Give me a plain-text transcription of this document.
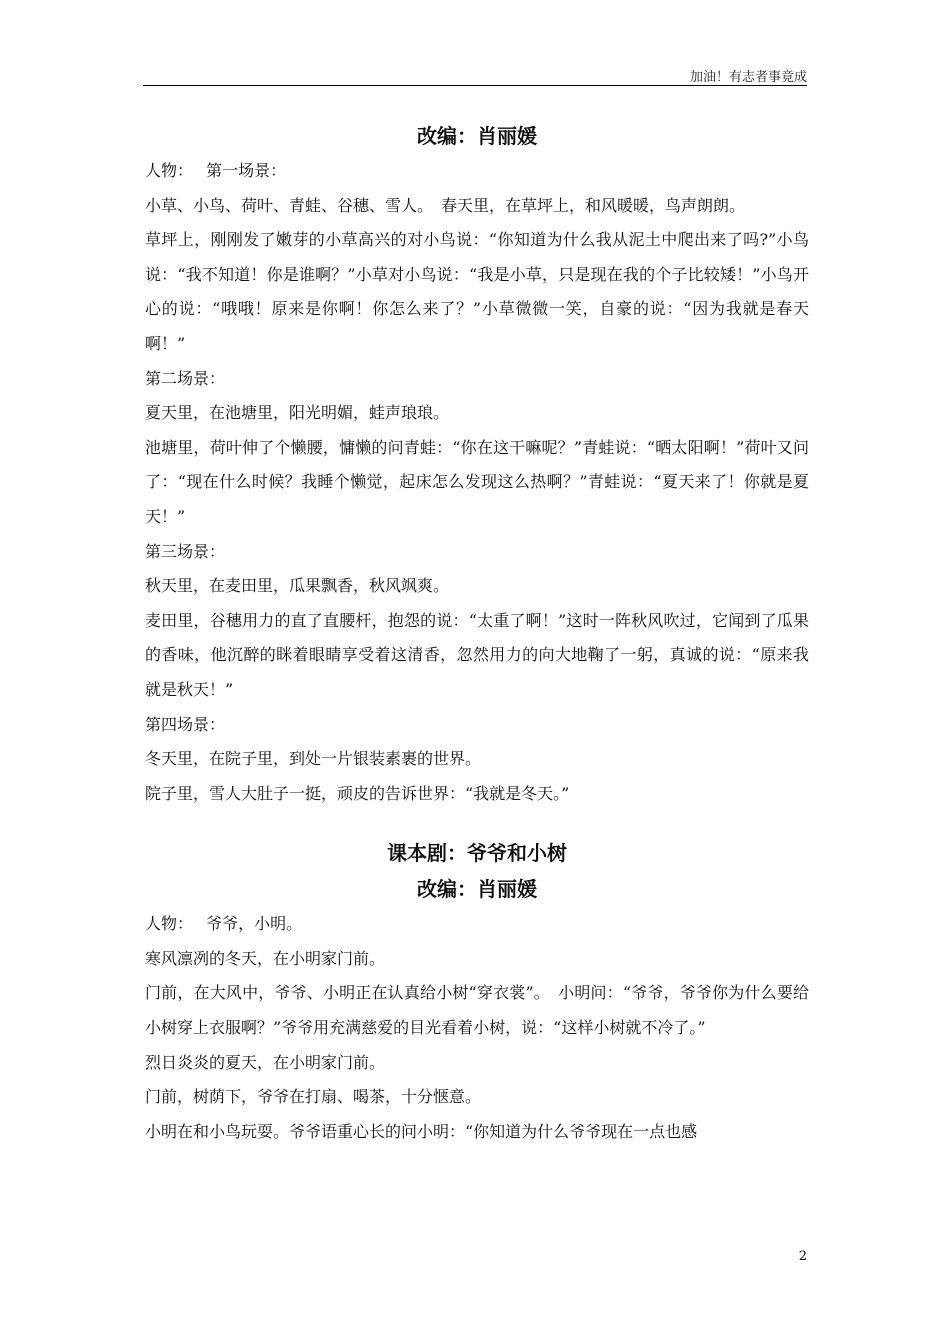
加油！有志者事竟成
改编：肖丽媛

人物：　 第一场景：

小草、小鸟、荷叶、青蛙、谷穗、雪人。　春天里，在草坪上，和风暖暖，鸟声朗朗。

草坪上，刚刚发了嫩芽的小草高兴的对小鸟说：“你知道为什么我从泥土中爬出来了吗?”小鸟说：“我不知道！你是谁啊？”小草对小鸟说：“我是小草，只是现在我的个子比较矮！”小鸟开心的说：“哦哦！原来是你啊！你怎么来了？”小草微微一笑，自豪的说：“因为我就是春天啊！”

第二场景：

夏天里，在池塘里，阳光明媚，蛙声琅琅。

池塘里，荷叶伸了个懒腰，慵懒的问青蛙：“你在这干嘛呢？”青蛙说：“晒太阳啊！”荷叶又问了：“现在什么时候？我睡个懒觉，起床怎么发现这么热啊？”青蛙说：“夏天来了！你就是夏天！”

第三场景：

秋天里，在麦田里，瓜果飘香，秋风飒爽。

麦田里，谷穗用力的直了直腰杆，抱怨的说：“太重了啊！”这时一阵秋风吹过，它闻到了瓜果的香味，他沉醉的眯着眼睛享受着这清香，忽然用力的向大地鞠了一躬，真诚的说：“原来我就是秋天！”

第四场景：

冬天里，在院子里，到处一片银装素裹的世界。

院子里，雪人大肚子一挺，顽皮的告诉世界：“我就是冬天。”

课本剧：爷爷和小树
改编：肖丽媛

人物：　 爷爷，小明。

寒风凛冽的冬天，在小明家门前。

门前，在大风中，爷爷、小明正在认真给小树“穿衣裳”。　小明问：“爷爷，爷爷你为什么要给小树穿上衣服啊？”爷爷用充满慈爱的目光看着小树，说：“这样小树就不冷了。”

烈日炎炎的夏天，在小明家门前。

门前，树荫下，爷爷在打扇、喝茶，十分惬意。

小明在和小鸟玩耍。爷爷语重心长的问小明：“你知道为什么爷爷现在一点也感

2
